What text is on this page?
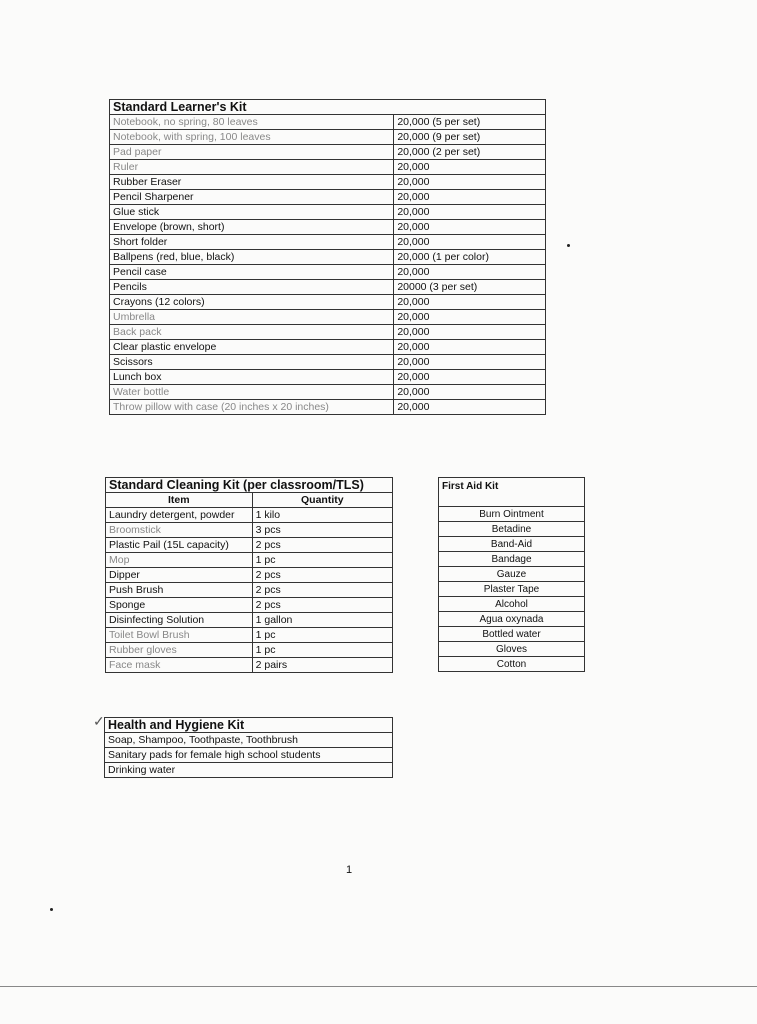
Standard Learner's Kit	
Notebook, no spring, 80 leaves	20,000 (5 per set)
Notebook, with spring, 100 leaves	20,000 (9 per set)
Pad paper	20,000 (2 per set)
Ruler	20,000
Rubber Eraser	20,000
Pencil Sharpener	20,000
Glue stick	20,000
Envelope (brown, short)	20,000
Short folder	20,000
Ballpens (red, blue, black)	20,000 (1 per color)
Pencil case	20,000
Pencils	20000 (3 per set)
Crayons (12 colors)	20,000
Umbrella	20,000
Back pack	20,000
Clear plastic envelope	20,000
Scissors	20,000
Lunch box	20,000
Water bottle	20,000
Throw pillow with case (20 inches x 20 inches)	20,000
Standard Cleaning Kit (per classroom/TLS)	
Item	Quantity
Laundry detergent, powder	1 kilo
Broomstick	3 pcs
Plastic Pail (15L capacity)	2 pcs
Mop	1 pc
Dipper	2 pcs
Push Brush	2 pcs
Sponge	2 pcs
Disinfecting Solution	1 gallon
Toilet Bowl Brush	1 pc
Rubber gloves	1 pc
Face mask	2 pairs
First Aid Kit
Burn Ointment
Betadine
Band-Aid
Bandage
Gauze
Plaster Tape
Alcohol
Agua oxynada
Bottled water
Gloves
Cotton
✓ Health and Hygiene Kit
Soap, Shampoo, Toothpaste, Toothbrush
Sanitary pads for female high school students
Drinking water
1
